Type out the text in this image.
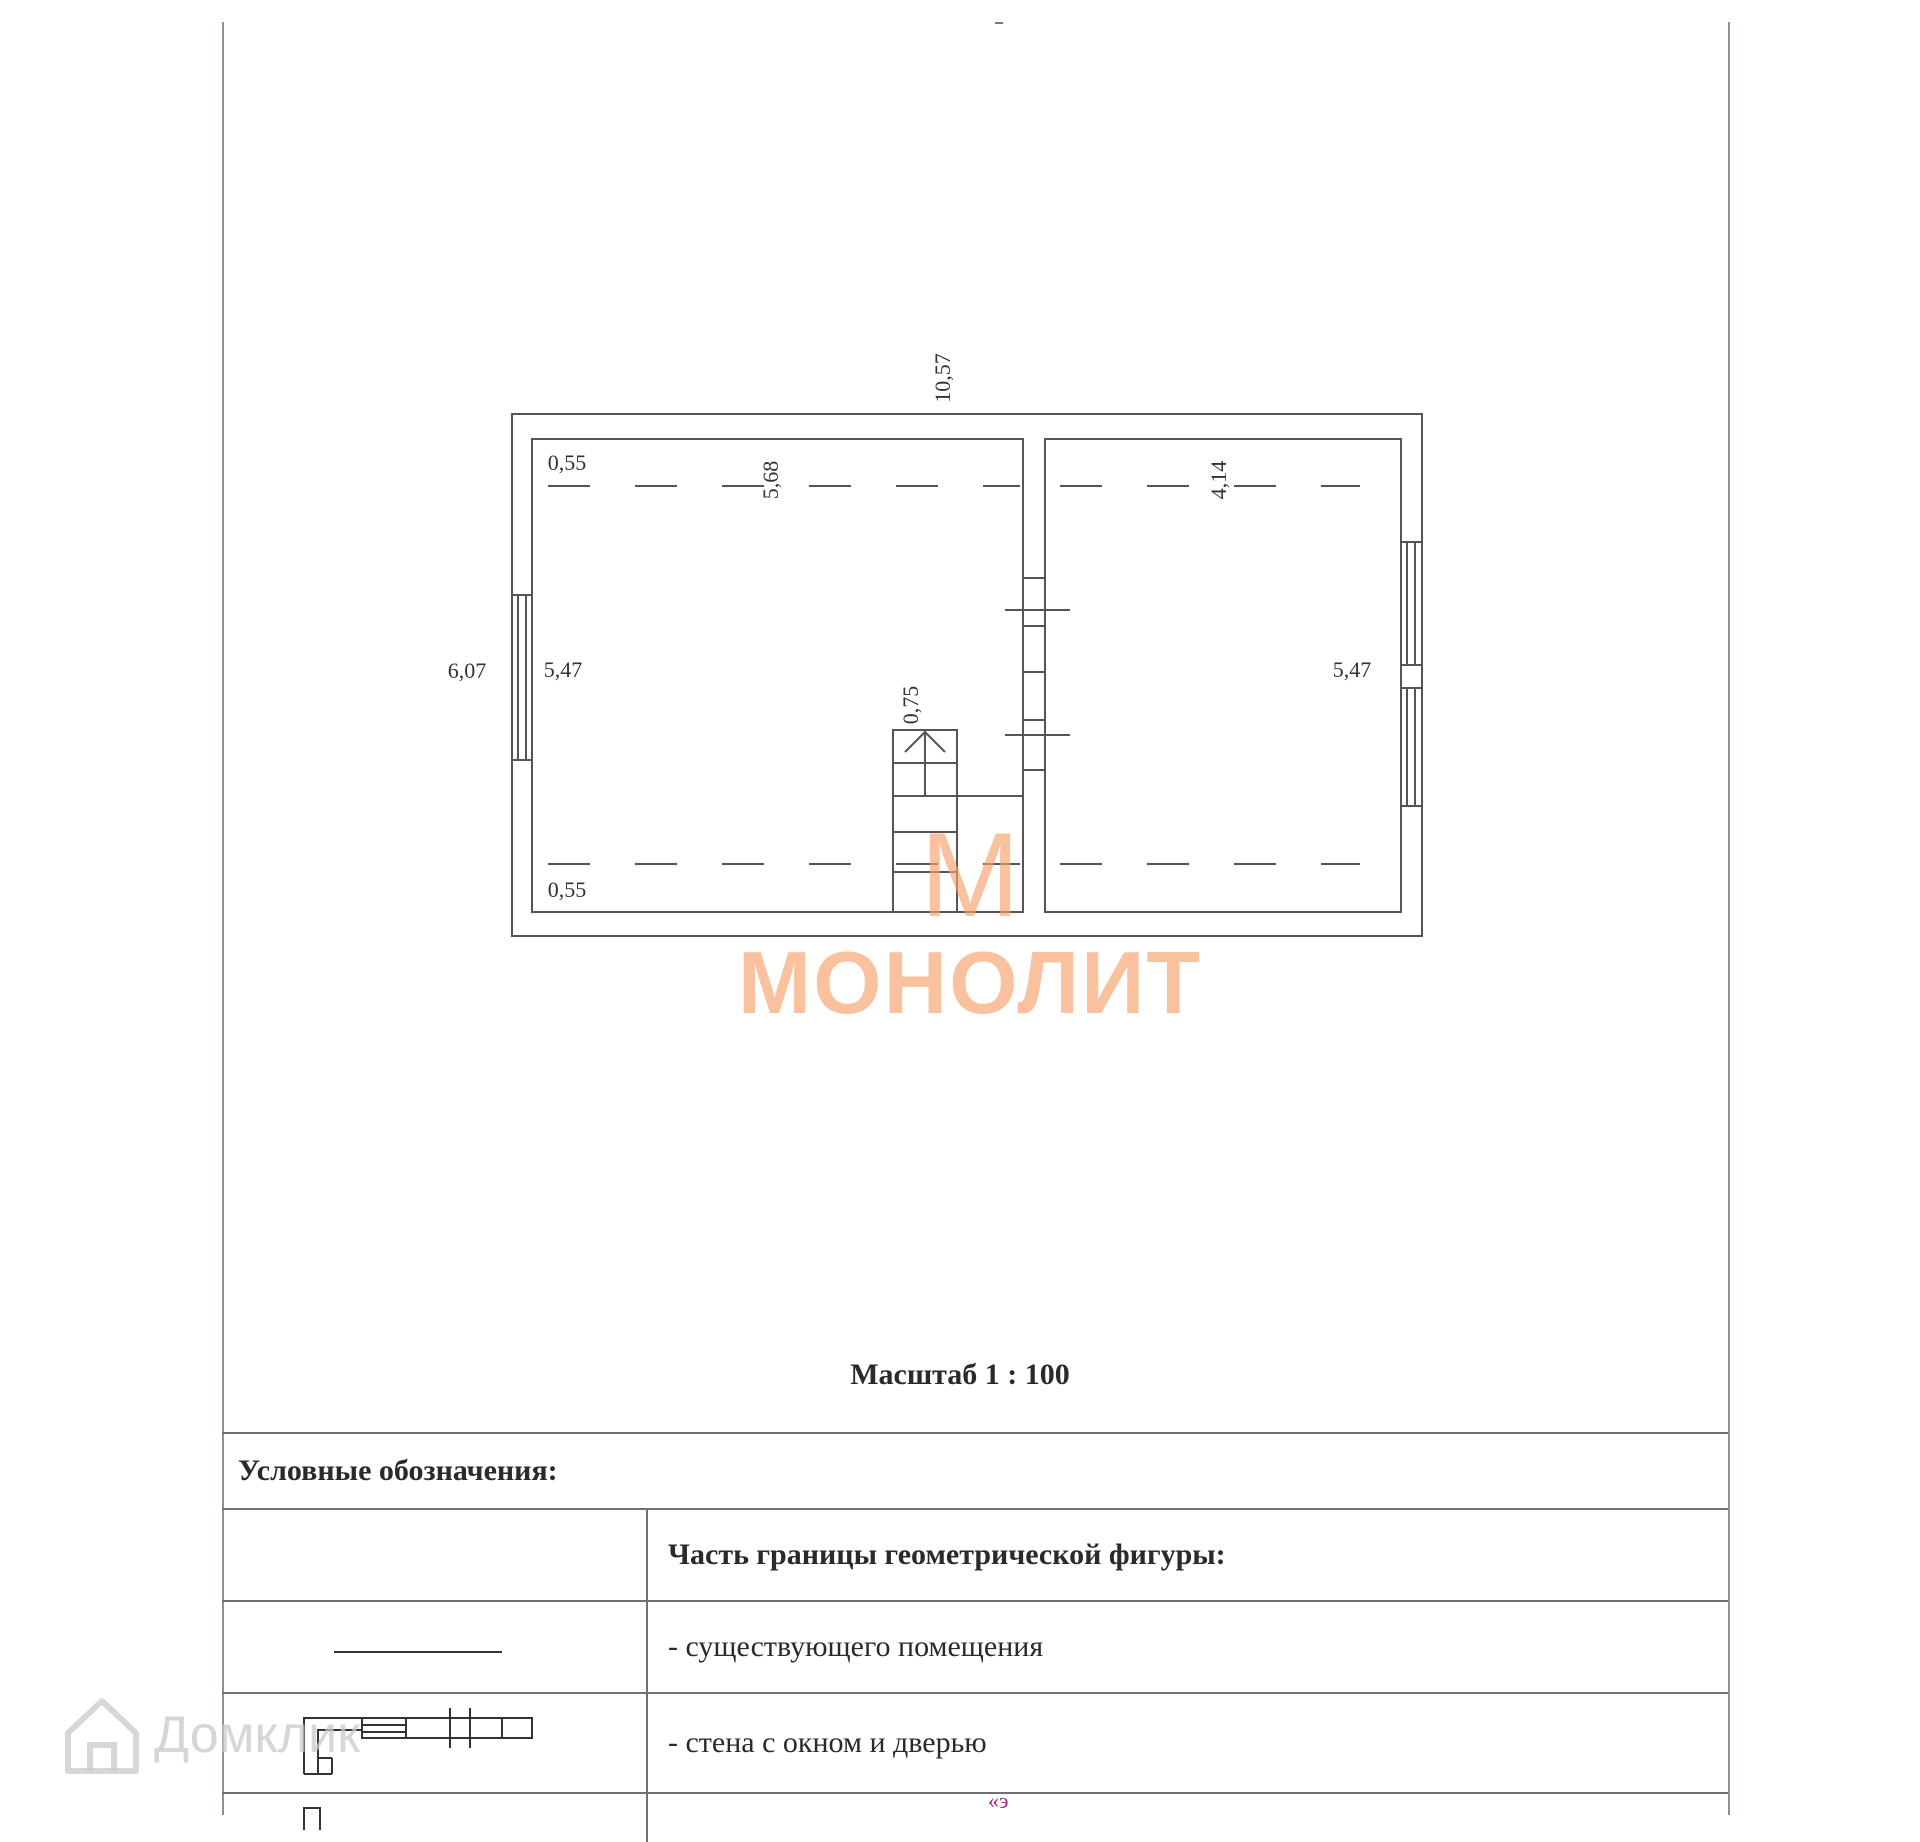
10,57
6,07
5,68
5,47
4,14
5,47
0,55
0,55
0,75
М
МОНОЛИТ
Масштаб 1 : 100
Условные обозначения:	
	Часть границы геометрической фигуры:

	- существующего помещения
	- стена с окном и дверью

Домклик
«э
